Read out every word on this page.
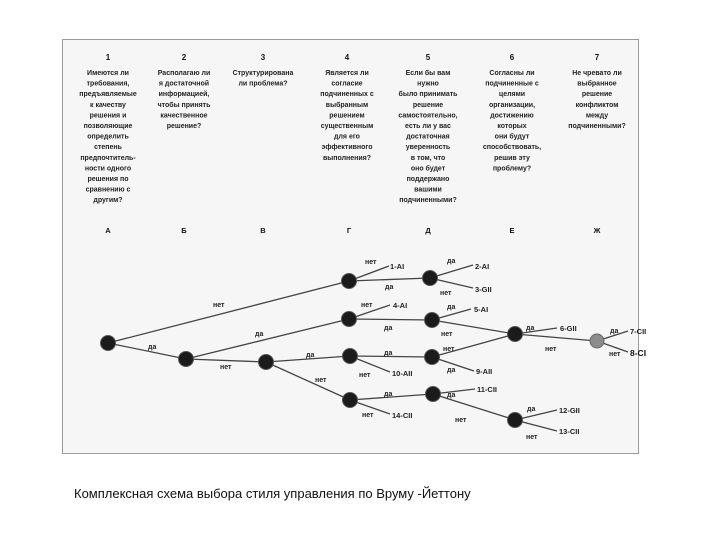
1
Имеются ли требования, предъявляемые к качеству решения и позволяющие определить степень предпочтитель-ности одного решения по сравнению с другим?
2
Располагаю ли я достаточной информацией, чтобы принять качественное решение?
3
Структурирована ли проблема?
4
Является ли согласие подчиненных с выбранным решением существенным для его эффективного выполнения?
5
Если бы вам нужно было принимать решение самостоятельно, есть ли у вас достаточная уверенность в том, что оно будет поддержано вашими подчиненными?
6
Согласны ли подчиненные с целями организации, достижению которых они будут способствовать, решив эту проблему?
7
Не чревато ли выбранное решение конфликтом между подчиненными?
А	Б	В	Г	Д	Е	Ж
да
нет
да
нет
да
нет
нет
да
да
нет
нет
да
да
нет
да
нет
нет
да
да
нет
да
нет
да
нет
да
нет
да
нет
1-AI	2-AI
3-GII
4-AI	5-AI
6-GII	7-CII
8-CI
9-AII
10-AII
11-CII
12-GII
13-CII
14-CII
Комплексная схема выбора стиля управления по Вруму -Йеттону
